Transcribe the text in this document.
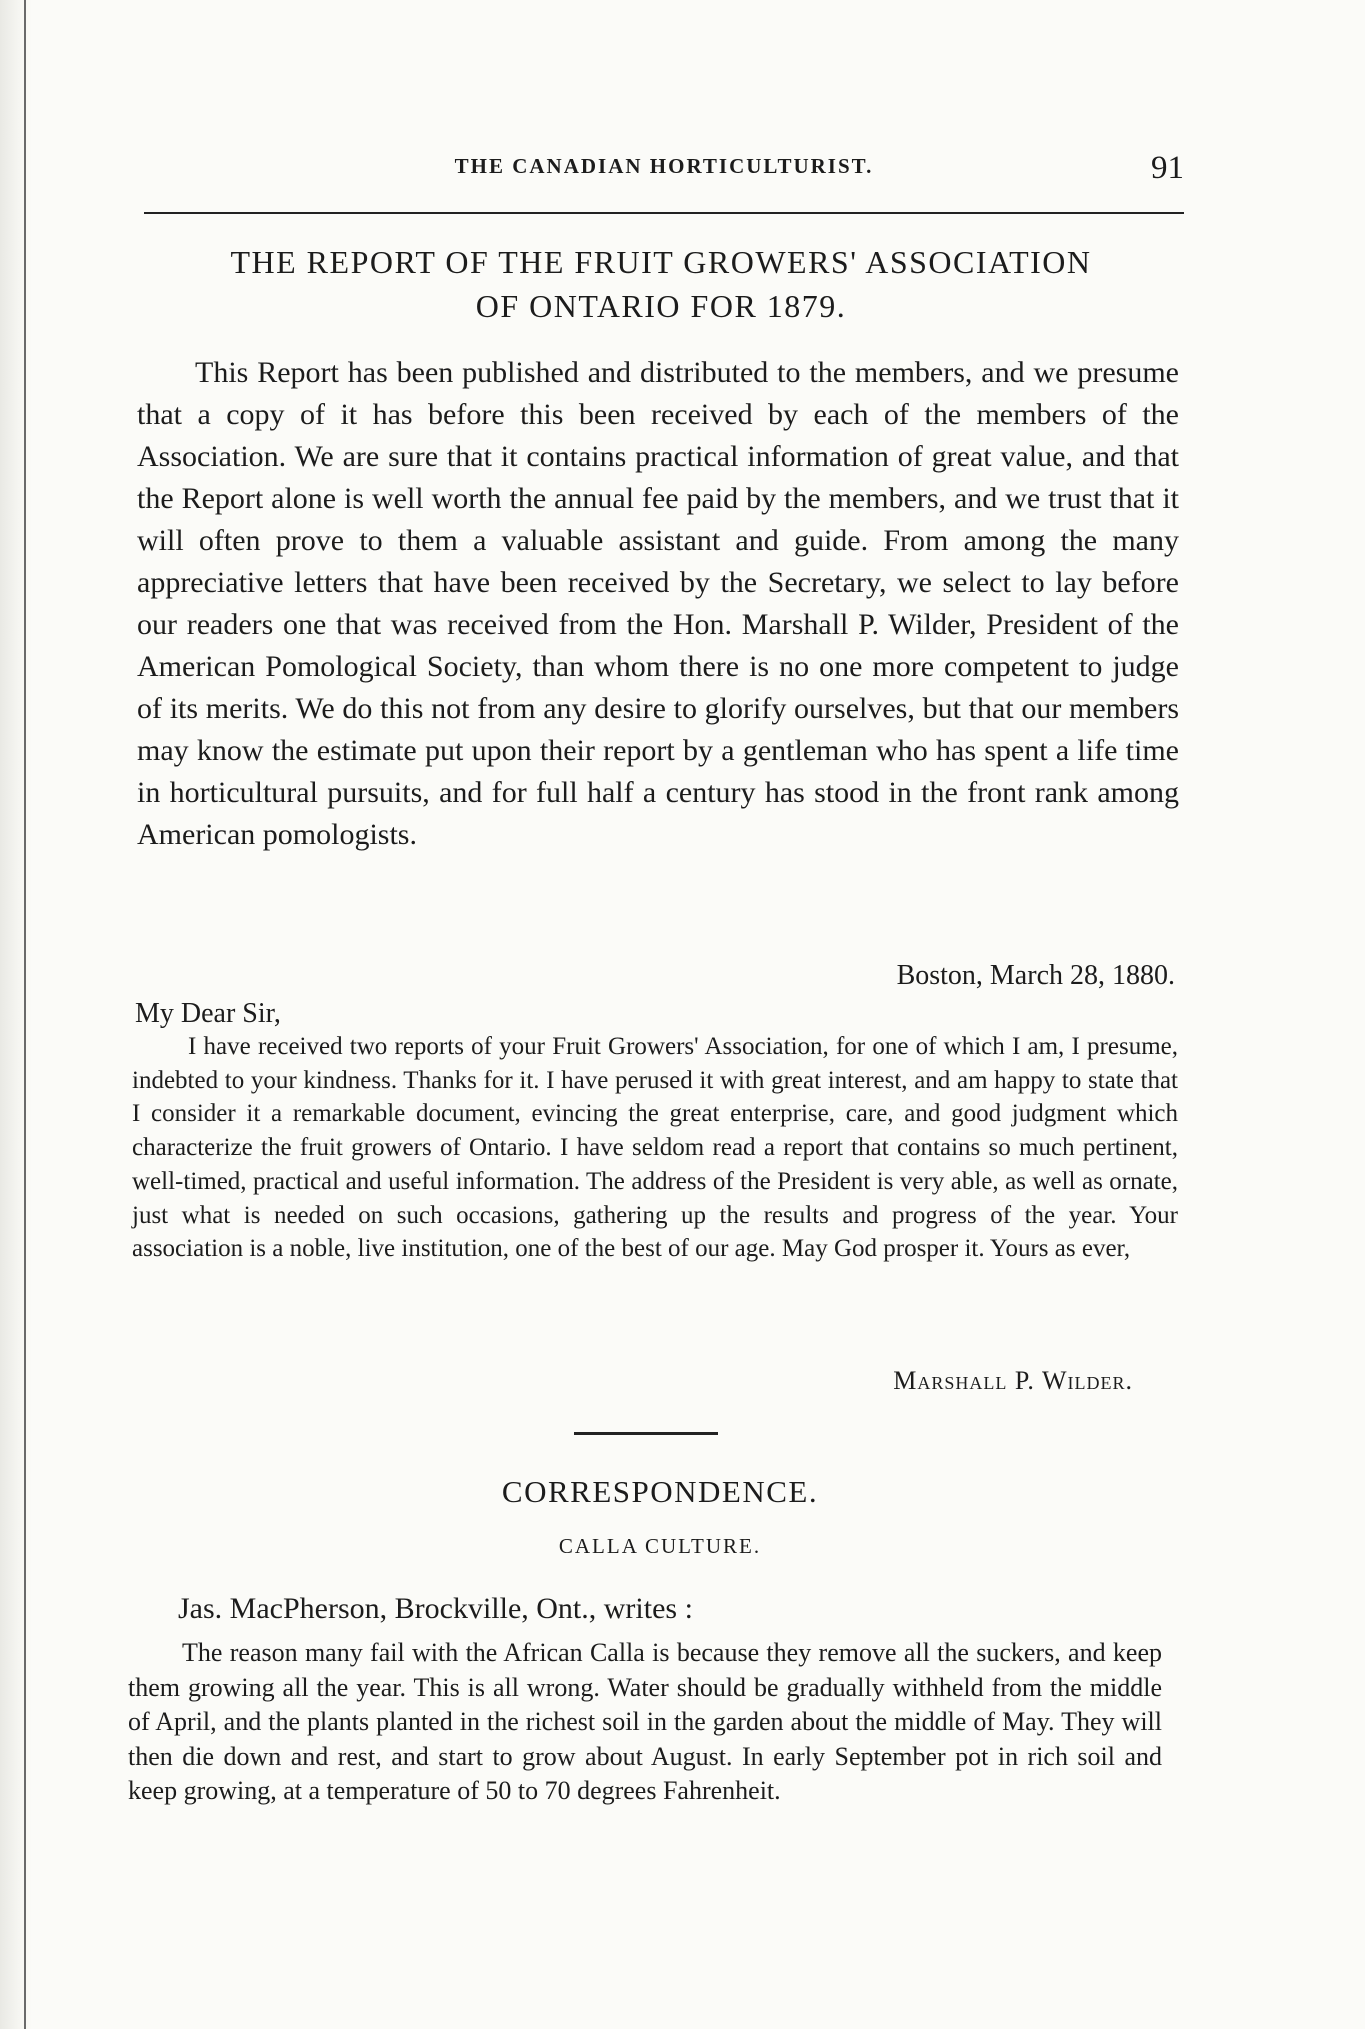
THE CANADIAN HORTICULTURIST.	91
THE REPORT OF THE FRUIT GROWERS' ASSOCIATION
OF ONTARIO FOR 1879.

This Report has been published and distributed to the members, and we presume that a copy of it has before this been received by each of the members of the Association. We are sure that it contains practical information of great value, and that the Report alone is well worth the annual fee paid by the members, and we trust that it will often prove to them a valuable assistant and guide. From among the many appreciative letters that have been received by the Secretary, we select to lay before our readers one that was received from the Hon. Marshall P. Wilder, President of the American Pomological Society, than whom there is no one more competent to judge of its merits. We do this not from any desire to glorify ourselves, but that our members may know the estimate put upon their report by a gentleman who has spent a life time in horticultural pursuits, and for full half a century has stood in the front rank among American pomologists.

Boston, March 28, 1880.
My Dear Sir,

I have received two reports of your Fruit Growers' Association, for one of which I am, I presume, indebted to your kindness. Thanks for it. I have perused it with great interest, and am happy to state that I consider it a remarkable document, evincing the great enterprise, care, and good judgment which characterize the fruit growers of Ontario. I have seldom read a report that contains so much pertinent, well-timed, practical and useful information. The address of the President is very able, as well as ornate, just what is needed on such occasions, gathering up the results and progress of the year. Your association is a noble, live institution, one of the best of our age. May God prosper it. Yours as ever,

Marshall P. Wilder.
CORRESPONDENCE.
CALLA CULTURE.
Jas. MacPherson, Brockville, Ont., writes :

The reason many fail with the African Calla is because they remove all the suckers, and keep them growing all the year. This is all wrong. Water should be gradually withheld from the middle of April, and the plants planted in the richest soil in the garden about the middle of May. They will then die down and rest, and start to grow about August. In early September pot in rich soil and keep growing, at a temperature of 50 to 70 degrees Fahrenheit.
